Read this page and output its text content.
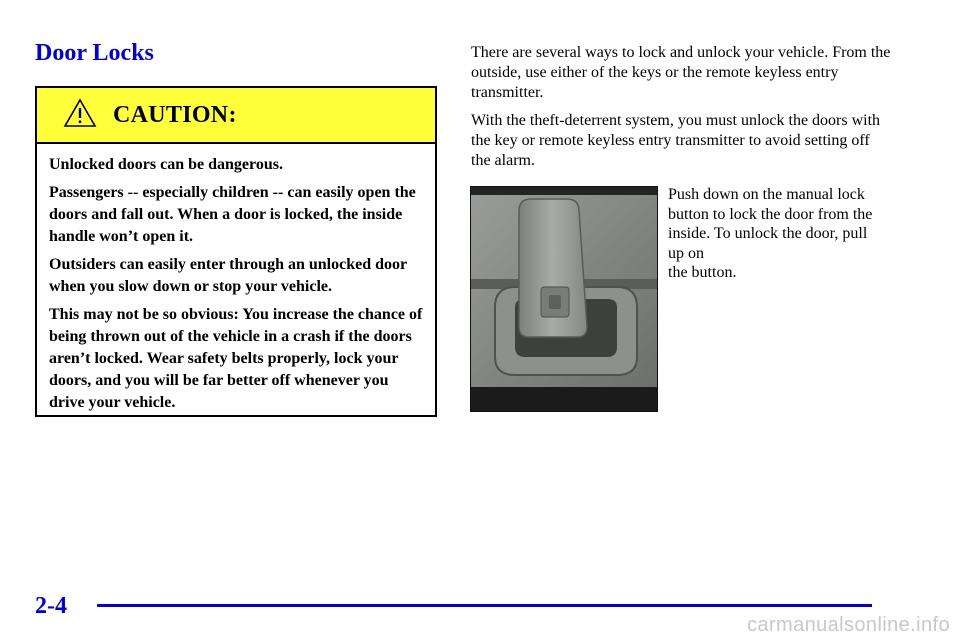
Door Locks
CAUTION:

Unlocked doors can be dangerous.

Passengers -- especially children -- can easily open the doors and fall out. When a door is locked, the inside handle won’t open it.

Outsiders can easily enter through an unlocked door when you slow down or stop your vehicle.

This may not be so obvious: You increase the chance of being thrown out of the vehicle in a crash if the doors aren’t locked. Wear safety belts properly, lock your doors, and you will be far better off whenever you drive your vehicle.

There are several ways to lock and unlock your vehicle. From the outside, use either of the keys or the remote keyless entry transmitter.

With the theft-deterrent system, you must unlock the doors with the key or remote keyless entry transmitter to avoid setting off the alarm.

Push down on the manual lock button to lock the door from the inside. To unlock the door, pull up on
the button.
2-4
carmanualsonline.info
